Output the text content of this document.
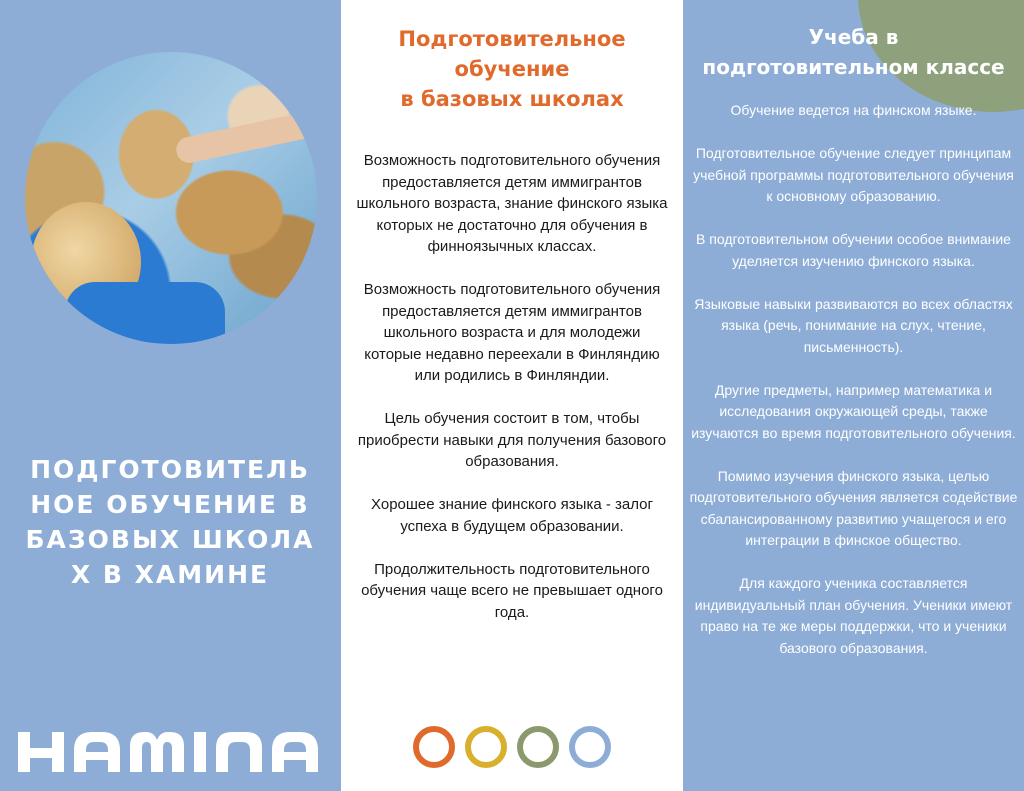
ПОДГОТОВИТЕЛЬНОЕ ОБУЧЕНИЕ В БАЗОВЫХ ШКОЛАХ В ХАМИНЕ
Подготовительное
обучение
в базовых школах

Возможность подготовительного обучения предоставляется детям иммигрантов школьного возраста, знание финского языка которых не достаточно для обучения в финноязычных классах.

Возможность подготовительного обучения предоставляется детям иммигрантов школьного возраста и для молодежи которые недавно переехали в Финляндию или родились в Финляндии.

Цель обучения состоит в том, чтобы приобрести навыки для получения базового образования.

Хорошее знание финского языка - залог успеха в будущем образовании.

Продолжительность подготовительного обучения чаще всего не превышает одного года.

Учеба в
подготовительном классе

Обучение ведется на финском языке.

Подготовительное обучение следует принципам учебной программы подготовительного обучения к основному образованию.

В подготовительном обучении особое внимание уделяется изучению финского языка.

Языковые навыки развиваются во всех областях языка (речь, понимание на слух, чтение, письменность).

Другие предметы, например математика и исследования окружающей среды, также изучаются во время подготовительного обучения.

Помимо изучения финского языка, целью подготовительного обучения является содействие сбалансированному развитию учащегося и его интеграции в финское общество.

Для каждого ученика составляется индивидуальный план обучения. Ученики имеют право на те же меры поддержки, что и ученики базового образования.
